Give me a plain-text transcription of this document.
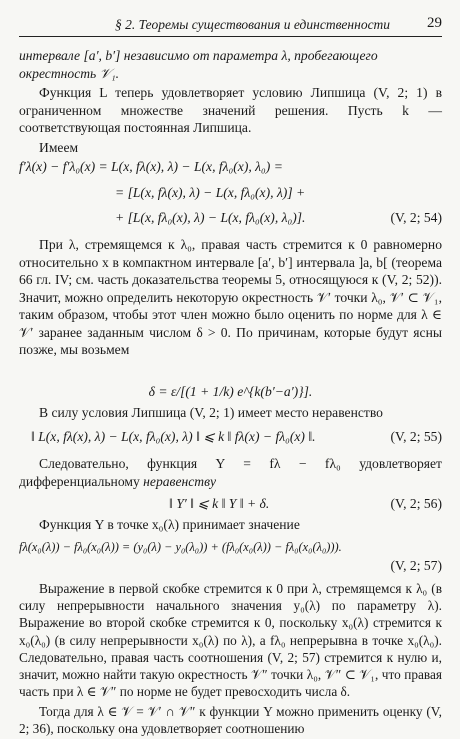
§ 2. Теоремы существования и единственности 29
интервале [a′, b′] независимо от параметра λ, пробегающего
окрестность 𝒱₁.
Функция L теперь удовлетворяет условию Липшица (V, 2; 1) в ограниченном множестве значений решения. Пусть k — соответствующая постоянная Липшица.
Имеем
f′λ(x) − f′λ₀(x) = L(x, fλ(x), λ) − L(x, fλ₀(x), λ₀) =
= [L(x, fλ(x), λ) − L(x, fλ₀(x), λ)] +
+ [L(x, fλ₀(x), λ) − L(x, fλ₀(x), λ₀)].	(V, 2; 54)
При λ, стремящемся к λ₀, правая часть стремится к 0 равномерно относительно x в компактном интервале [a′, b′] интервала ]a, b[ (теорема 66 гл. IV; см. часть доказательства теоремы 5, относящуюся к (V, 2; 52)). Значит, можно определить некоторую окрестность 𝒱′ точки λ₀, 𝒱′ ⊂ 𝒱₁, таким образом, чтобы этот член можно было оценить по норме для λ ∈ 𝒱′ заранее заданным числом δ > 0. По причинам, которые будут ясны позже, мы возьмем
δ = ε/[(1 + 1/k) e^{k(b′−a′)}].
В силу условия Липшица (V, 2; 1) имеет место неравенство
‖ L(x, fλ(x), λ) − L(x, fλ₀(x), λ) ‖ ⩽ k ‖ fλ(x) − fλ₀(x) ‖.	(V, 2; 55)
Следовательно, функция Y = fλ − fλ₀ удовлетворяет дифференциальному неравенству
‖ Y′ ‖ ⩽ k ‖ Y ‖ + δ.	(V, 2; 56)
Функция Y в точке x₀(λ) принимает значение
fλ(x₀(λ)) − fλ₀(x₀(λ)) = (y₀(λ) − y₀(λ₀)) + (fλ₀(x₀(λ)) − fλ₀(x₀(λ₀))).
(V, 2; 57)
Выражение в первой скобке стремится к 0 при λ, стремящемся к λ₀ (в силу непрерывности начального значения y₀(λ) по параметру λ). Выражение во второй скобке стремится к 0, поскольку x₀(λ) стремится к x₀(λ₀) (в силу непрерывности x₀(λ) по λ), а fλ₀ непрерывна в точке x₀(λ₀). Следовательно, правая часть соотношения (V, 2; 57) стремится к нулю и, значит, можно найти такую окрестность 𝒱″ точки λ₀, 𝒱″ ⊂ 𝒱₁, что правая часть при λ ∈ 𝒱″ по норме не будет превосходить числа δ.
Тогда для λ ∈ 𝒱 = 𝒱′ ∩ 𝒱″ к функции Y можно применить оценку (V, 2; 36), поскольку она удовлетворяет соотношению
